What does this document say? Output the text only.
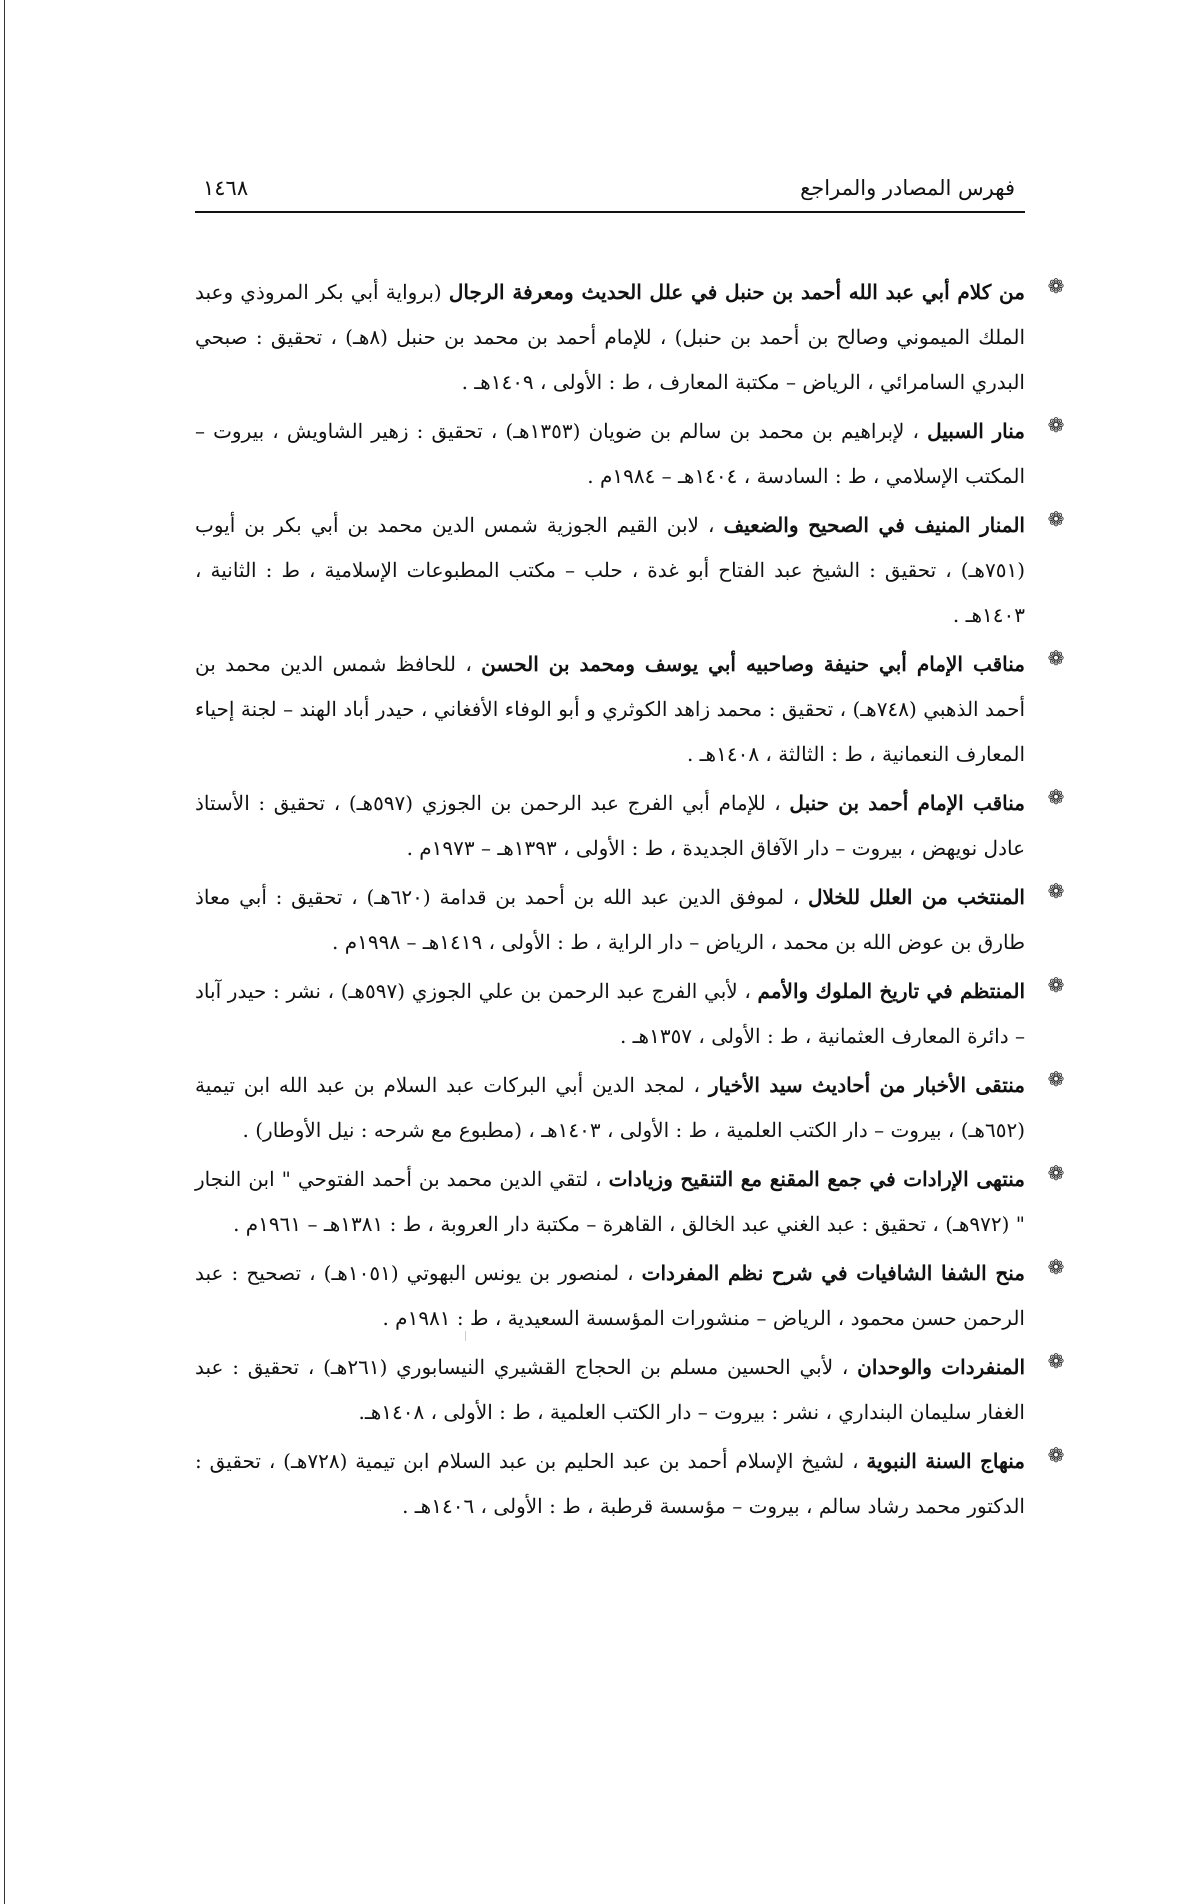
فهرس المصادر والمراجع
١٤٦٨
❁

من كلام أبي عبد الله أحمد بن حنبل في علل الحديث ومعرفة الرجال (برواية أبي بكر المروذي وعبد الملك الميموني وصالح بن أحمد بن حنبل) ، للإمام أحمد بن محمد بن حنبل (٨هـ) ، تحقيق : صبحي البدري السامرائي ، الرياض – مكتبة المعارف ، ط : الأولى ، ١٤٠٩هـ .

❁

منار السبيل ، لإبراهيم بن محمد بن سالم بن ضويان (١٣٥٣هـ) ، تحقيق : زهير الشاويش ، بيروت – المكتب الإسلامي ، ط : السادسة ، ١٤٠٤هـ – ١٩٨٤م .

❁

المنار المنيف في الصحيح والضعيف ، لابن القيم الجوزية شمس الدين محمد بن أبي بكر بن أيوب (٧٥١هـ) ، تحقيق : الشيخ عبد الفتاح أبو غدة ، حلب – مكتب المطبوعات الإسلامية ، ط : الثانية ، ١٤٠٣هـ .

❁

مناقب الإمام أبي حنيفة وصاحبيه أبي يوسف ومحمد بن الحسن ، للحافظ شمس الدين محمد بن أحمد الذهبي (٧٤٨هـ) ، تحقيق : محمد زاهد الكوثري و أبو الوفاء الأفغاني ، حيدر أباد الهند – لجنة إحياء المعارف النعمانية ، ط : الثالثة ، ١٤٠٨هـ .

❁

مناقب الإمام أحمد بن حنبل ، للإمام أبي الفرج عبد الرحمن بن الجوزي (٥٩٧هـ) ، تحقيق : الأستاذ عادل نويهض ، بيروت – دار الآفاق الجديدة ، ط : الأولى ، ١٣٩٣هـ – ١٩٧٣م .

❁

المنتخب من العلل للخلال ، لموفق الدين عبد الله بن أحمد بن قدامة (٦٢٠هـ) ، تحقيق : أبي معاذ طارق بن عوض الله بن محمد ، الرياض – دار الراية ، ط : الأولى ، ١٤١٩هـ – ١٩٩٨م .

❁

المنتظم في تاريخ الملوك والأمم ، لأبي الفرج عبد الرحمن بن علي الجوزي (٥٩٧هـ) ، نشر : حيدر آباد – دائرة المعارف العثمانية ، ط : الأولى ، ١٣٥٧هـ .

❁

منتقى الأخبار من أحاديث سيد الأخيار ، لمجد الدين أبي البركات عبد السلام بن عبد الله ابن تيمية (٦٥٢هـ) ، بيروت – دار الكتب العلمية ، ط : الأولى ، ١٤٠٣هـ ، (مطبوع مع شرحه : نيل الأوطار) .

❁

منتهى الإرادات في جمع المقنع مع التنقيح وزيادات ، لتقي الدين محمد بن أحمد الفتوحي " ابن النجار " (٩٧٢هـ) ، تحقيق : عبد الغني عبد الخالق ، القاهرة – مكتبة دار العروبة ، ط : ١٣٨١هـ – ١٩٦١م .

❁

منح الشفا الشافيات في شرح نظم المفردات ، لمنصور بن يونس البهوتي (١٠٥١هـ) ، تصحيح : عبد الرحمن حسن محمود ، الرياض – منشورات المؤسسة السعيدية ، ط : ١٩٨١م .

❁

المنفردات والوحدان ، لأبي الحسين مسلم بن الحجاج القشيري النيسابوري (٢٦١هـ) ، تحقيق : عبد الغفار سليمان البنداري ، نشر : بيروت – دار الكتب العلمية ، ط : الأولى ، ١٤٠٨هـ.

❁

منهاج السنة النبوية ، لشيخ الإسلام أحمد بن عبد الحليم بن عبد السلام ابن تيمية (٧٢٨هـ) ، تحقيق : الدكتور محمد رشاد سالم ، بيروت – مؤسسة قرطبة ، ط : الأولى ، ١٤٠٦هـ .
